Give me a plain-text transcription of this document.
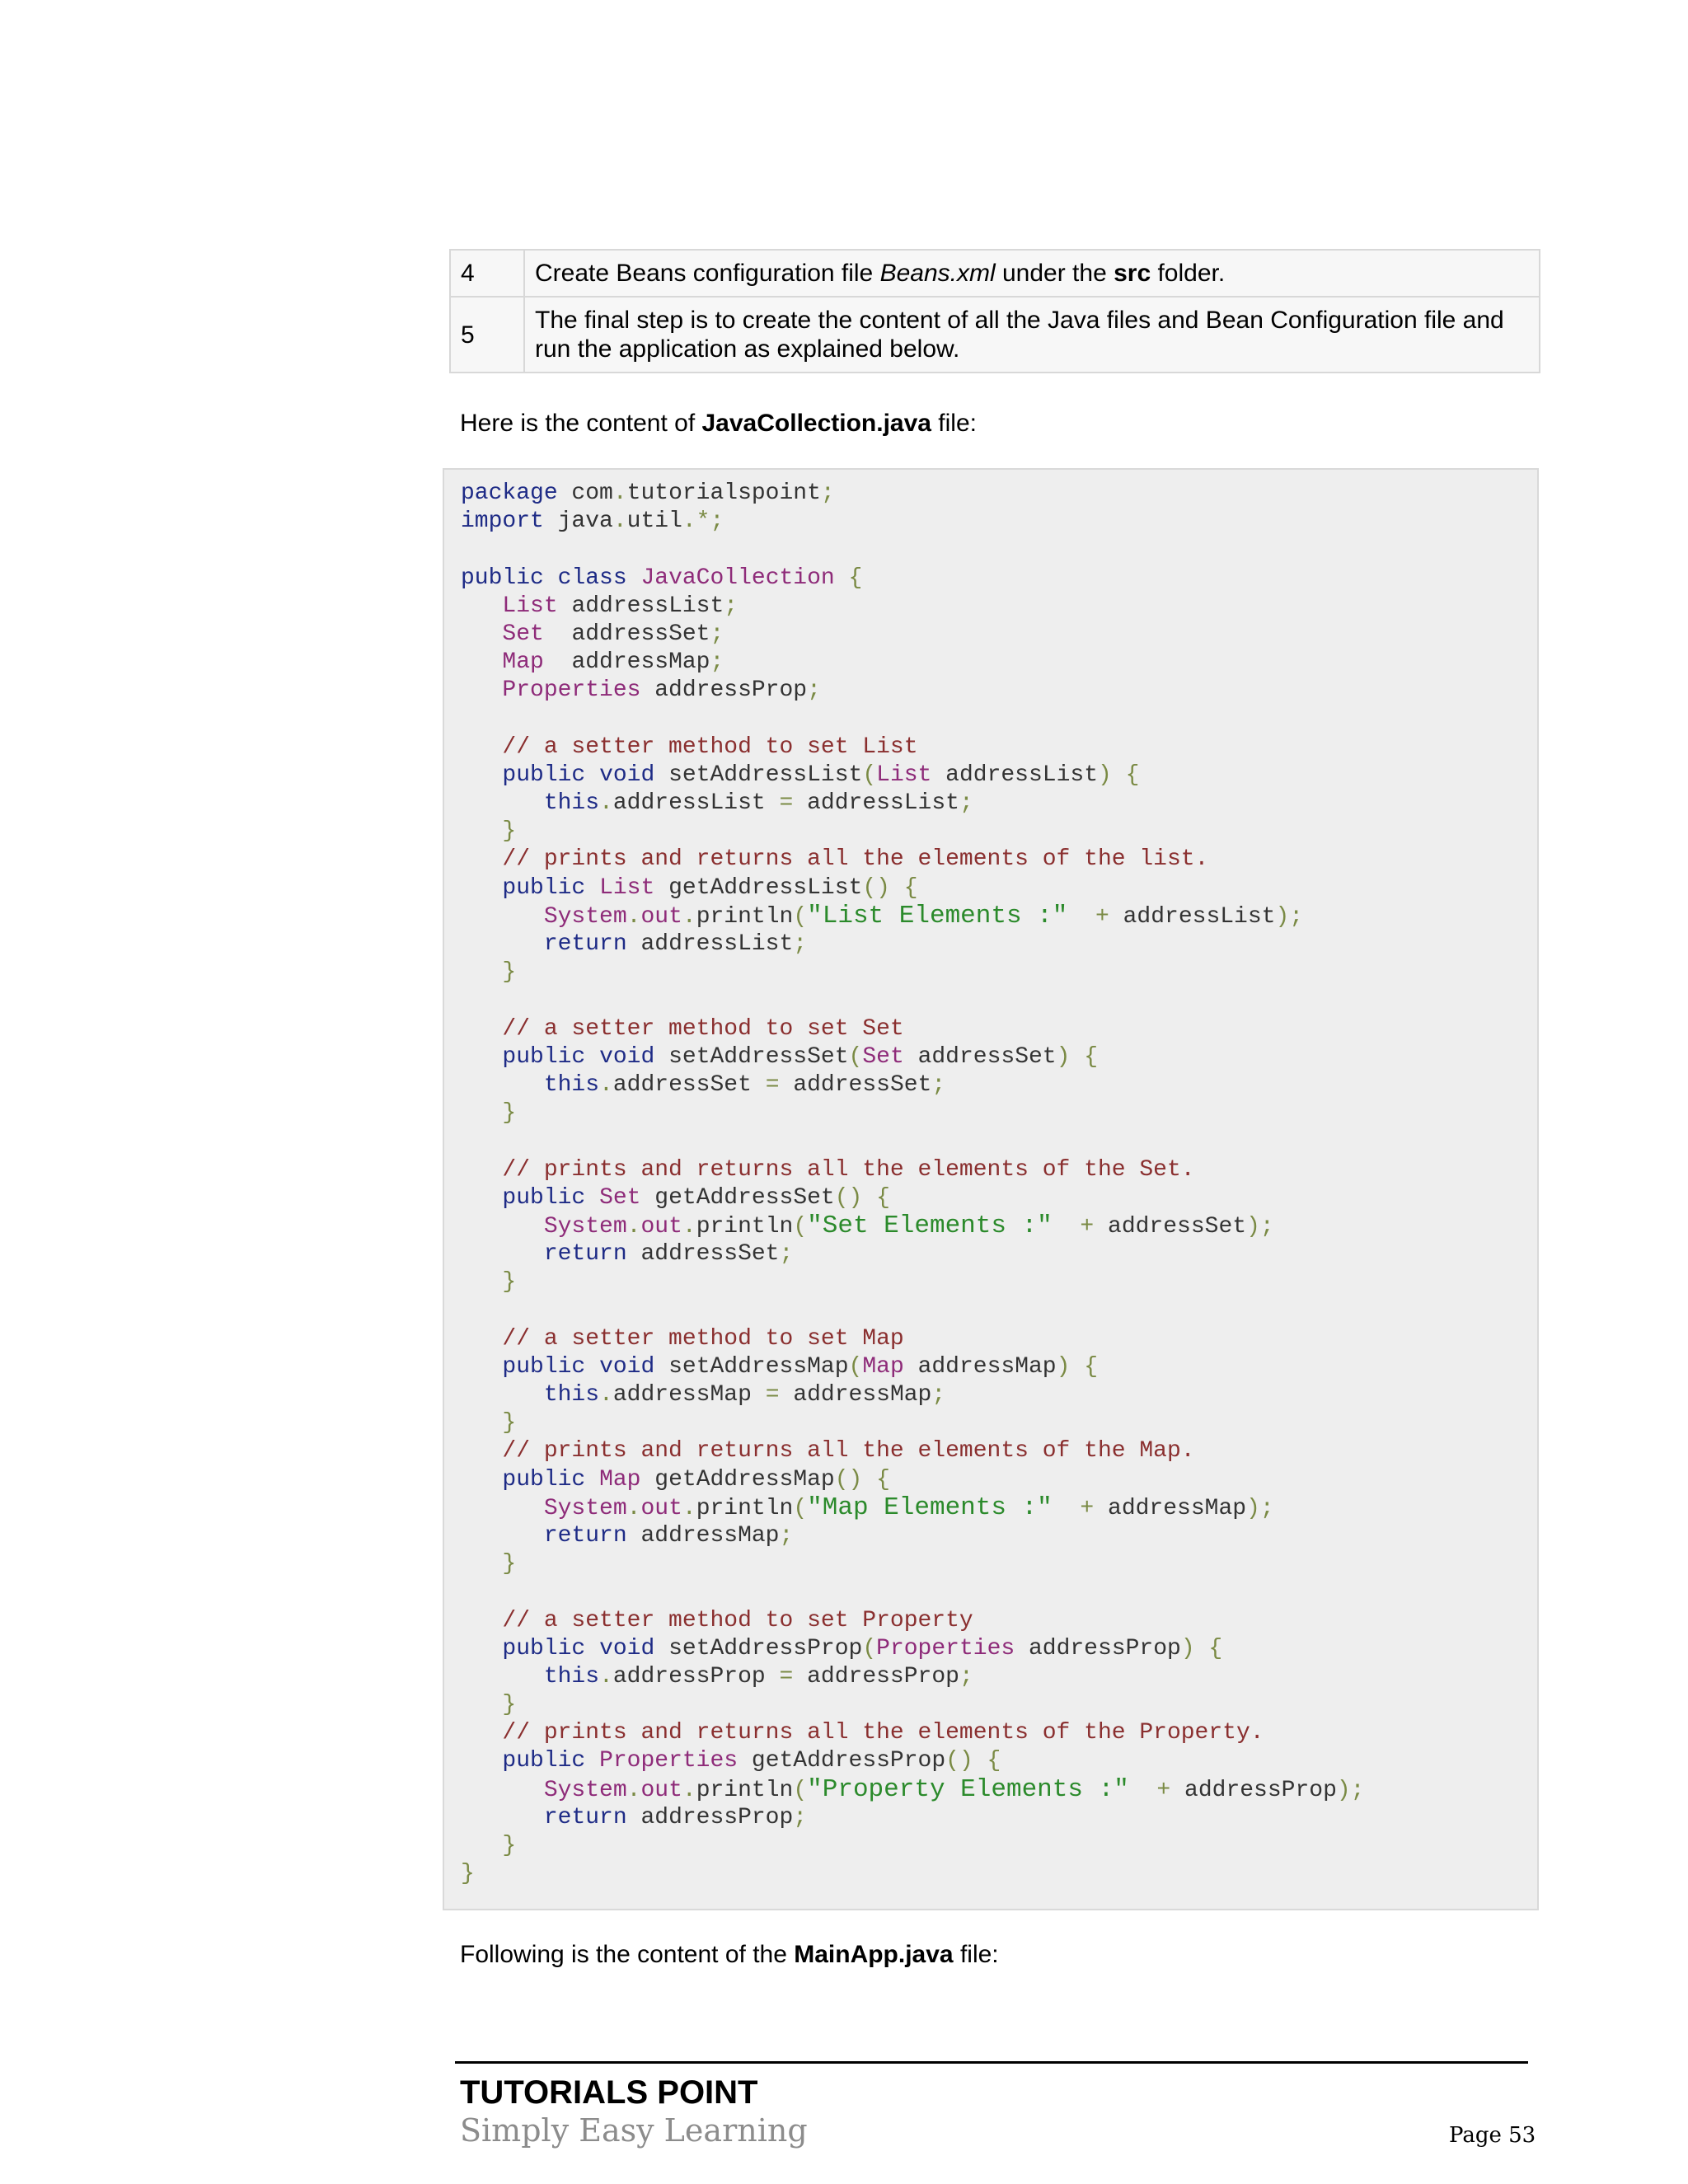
4	Create Beans configuration file Beans.xml under the src folder.
5	The final step is to create the content of all the Java files and Bean Configuration file and run the application as explained below.

Here is the content of JavaCollection.java file:

package com.tutorialspoint;
import java.util.*;
public class JavaCollection {
List addressList;
Set  addressSet;
Map  addressMap;
Properties addressProp;
// a setter method to set List
public void setAddressList(List addressList) {
this.addressList = addressList;
}
// prints and returns all the elements of the list.
public List getAddressList() {
System.out.println("List Elements :" + addressList);
return addressList;
}
// a setter method to set Set
public void setAddressSet(Set addressSet) {
this.addressSet = addressSet;
}
// prints and returns all the elements of the Set.
public Set getAddressSet() {
System.out.println("Set Elements :" + addressSet);
return addressSet;
}
// a setter method to set Map
public void setAddressMap(Map addressMap) {
this.addressMap = addressMap;
}
// prints and returns all the elements of the Map.
public Map getAddressMap() {
System.out.println("Map Elements :" + addressMap);
return addressMap;
}
// a setter method to set Property
public void setAddressProp(Properties addressProp) {
this.addressProp = addressProp;
}
// prints and returns all the elements of the Property.
public Properties getAddressProp() {
System.out.println("Property Elements :" + addressProp);
return addressProp;
}
}

Following is the content of the MainApp.java file:

TUTORIALS POINT

Simply Easy Learning	Page 53
